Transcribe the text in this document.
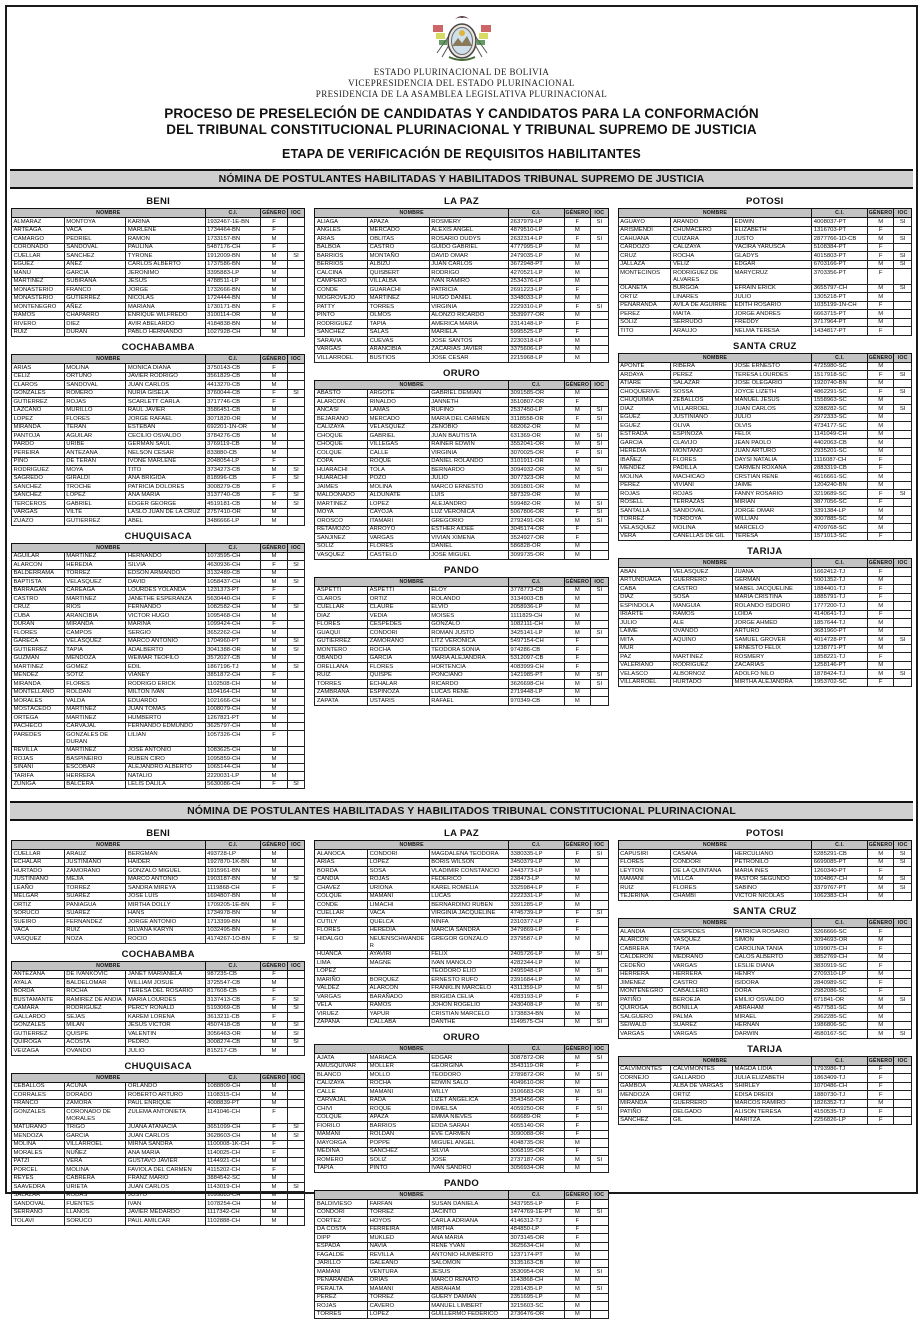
ESTADO PLURINACIONAL DE BOLIVIA
VICEPRESIDENCIA DEL ESTADO PLURINACIONAL
PRESIDENCIA DE LA ASAMBLEA LEGISLATIVA PLURINACIONAL
PROCESO DE PRESELECIÓN DE CANDIDATAS Y CANDIDATOS PARA LA CONFORMACIÓN
DEL TRIBUNAL CONSTITUCIONAL PLURINACIONAL Y TRIBUNAL SUPREMO DE JUSTICIA
ETAPA DE VERIFICACIÓN DE REQUISITOS HABILITANTES
NÓMINA DE POSTULANTES HABILITADAS Y HABILITADOS TRIBUNAL SUPREMO DE JUSTICIA
BENI
NOMBRE			C.I.	GÉNERO	IOC
ALMARAZ	MONTOYA	KARINA	1932467-1E-BN	F	
ARTEAGA	VACA	MARLENE	1734464-BN	F	
CAMARGO	PEDRIEL	RAMON	1733157-BN	M	
CORONADO	SANDOVAL	PAULINA	5487176-CH	F	
CUELLAR	SANCHEZ	TYRONE	1912009-BN	M	SI
EGUEZ	AÑEZ	CARLOS ALBERTO	1737586-BN	M	
MANU	GARCIA	JERONIMO	3395883-LP	M	
MARTINEZ	SUBIRANA	JESUS	4788511-LP	M	
MONASTERIO	FRANCO	JORGE	1732666-BN	M	
MONASTERIO	GUTIERREZ	NICOLAS	1724444-BN	M	
MONTENEGRO	AÑEZ	MARIANA	1730171-BN	F	
RAMOS	CHAPARRO	ENRIQUE WILFREDO	3100114-OR	M	
RIVERO	DIEZ	AVIR ABELARDO	4184838-BN	M	
RUIZ	DURAN	PABLO HERNANDO	1027928-CH	M	
COCHABAMBA
NOMBRE			C.I.	GÉNERO	IOC
ARIAS	MOLINA	MONICA DIANA	3750143-CB	F	
CELIZ	ORTUÑO	JAVIER RODRIGO	3561829-CB	M	
CLAROS	SANDOVAL	JUAN CARLOS	4413270-CB	M	
GONZALES	ROMERO	NURIA GISELA	3760044-CB	F	SI
GUTIERREZ	ROJAS	SCARLETT CARLA	3717746-CB	F	
LAZCANO	MURILLO	RAUL JAVIER	3586451-CB	M	
LOPEZ	FLORES	JORGE RAFAEL	3071820-OR	M	
MIRANDA	TERAN	ESTEBAN	692201-1N-OR	M	
PANTOJA	AGUILAR	CECILIO OSVALDO	3784276-CB	M	
PARDO	URIBE	GERMAN SAUL	3769119-CB	M	
PEREIRA	ANTEZANA	NELSON CESAR	833880-CB	M	
PINO	DE TERAN	IVONE MARLENE	2048054-LP	F	
RODRIGUEZ	MOYA	TITO	3734273-CB	M	SI
SAGREDO	GIRALDI	ANA BRIGIDA	818996-CB	F	SI
SANCHEZ	TROCHE	PATRICIA DOLORES	3008279-CB	F	
SANCHEZ	LOPEZ	ANA MARIA	3137740-CB	F	SI
TERCEROS	GABRIEL	EDGER GEORGE	4519181-CB	M	SI
VARGAS	VILTE	LASLO JUAN DE LA CRUZ	2757410-OR	M	
ZUAZO	GUTIERREZ	ABEL	3486666-LP	M	
CHUQUISACA
NOMBRE			C.I.	GÉNERO	IOC
AGUILAR	MARTINEZ	HERNANDO	1073595-CH	M	
ALARCON	HEREDIA	SILVIA	4630936-CH	F	SI
BALDERRAMA	TORREZ	EDSON ARMANDO	3132489-CB	M	
BAPTISTA	VELASQUEZ	DAVID	1058437-CH	M	SI
BARRAGAN	CAREAGA	LOURDES YOLANDA	1231373-PT	F	
CASTRO	MARTINEZ	JANETHE ESPERANZA	5630440-CH	F	
CRUZ	RIOS	FERNANDO	1082582-CH	M	SI
CUBA	ARANCIBIA	VICTOR HUGO	1095468-CH	M	
DURAN	MIRANDA	MARINA	1099424-CH	F	
FLORES	CAMPOS	SERGIO	3652262-CH	M	
GARECA	VELASQUEZ	MARCO ANTONIO	1704960-PT	M	SI
GUTIERREZ	TAPIA	ADALBERTO	3041388-OR	M	SI
GUZMAN	MENDOZA	WEIMAR TEOFILO	3572027-CB	M	
MARTINEZ	GOMEZ	EDIL	1867196-TJ	M	SI
MENDEZ	SOTIZ	VIANEY	3851872-CH	F	
MIRANDA	FLORES	RODRIGO ERICK	1102508-CH	M	
MONTELLANO	ROLDAN	MILTON IVAN	1104164-CH	M	
MORALES	VALDA	EDUARDO	1021666-CH	M	
MOSTACEDO	MARTINEZ	JUAN TOMAS	1008079-CH	M	
ORTEGA	MARTINEZ	HUMBERTO	1267821-PT	M	
PACHECO	CARVAJAL	FERNANDO EDMUNDO	3625797-CH	M	
PAREDES	GONZALES DE DURAN	LILIAN	1057326-CH	F	
REVILLA	MARTINEZ	JOSE ANTONIO	1083625-CH	M	
ROJAS	BASPINEIRO	RUBEN CIRO	1095859-CH	M	
SIÑANI	ESCOBAR	ALEJANDRO ALBERTO	1065144-CH	M	
TARIFA	HERRERA	NATALIO	2220031-LP	M	
ZUÑIGA	BALCERA	LELIS DALILA	5630086-CH	F	SI
LA PAZ
NOMBRE			C.I.	GÉNERO	IOC
ALIAGA	APAZA	ROSMERY	2637979-LP	F	SI
ANGLES	MERCADO	ALEXIS ANGEL	4879510-LP	M	
ARIAS	OBLITAS	ROSARIO DUDYS	2632314-LP	F	SI
BALBOA	CASTRO	GUIDO GABRIEL	4777995-LP	M	
BARRIOS	MONTAÑO	DAVID OMAR	2479035-LP	M	
BERRIOS	ALBIZU	JUAN CARLOS	3672948-PT	M	
CALCINA	QUISBERT	RODRIGO	4270521-LP	M	
CAMPERO	VILLALBA	IVAN RAMIRO	2534376-LP	M	
CONDE	GUARACHI	PATRICIA	2691223-LP	F	
MOGROVEJO	MARTINEZ	HUGO DANIEL	3348033-LP	M	
PATTY	TORRES	VIRGINIA	2229310-LP	F	SI
PINTO	OLMOS	ALONZO RICARDO	3539977-OR	M	
RODRIGUEZ	TAPIA	AMERICA MARIA	2314148-LP	F	
SANCHEZ	SALAS	MARIELA	5995525-LP	F	
SARAVIA	CUEVAS	JOSE SANTOS	2230318-LP	M	
VARGAS	ARANCIBIA	ZACARIAS JAVIER	3375606-LP	M	
VILLARROEL	BUSTIOS	JOSE CESAR	2215968-LP	M	
ORURO
NOMBRE			C.I.	GÉNERO	IOC
ABASTO	ARGOTE	GABRIEL DEMIAN	3091585-OR	M	
ALARCON	RINALDO	JANNETH	3510807-OR	F	
ANCASI	LAMAS	RUFINO	2537450-LP	M	SI
BEJARANO	MERCADO	MARIA DEL CARMEN	3118558-OR	F	SI
CALIZAYA	VELASQUEZ	ZENOBIO	682062-OR	M	
CHOQUE	GABRIEL	JUAN BAUTISTA	631369-OR	M	SI
CHOQUE	VILLEGAS	RAINER EDWIN	3552041-OR	M	SI
COLQUE	CALLE	VIRGINIA	3070025-OR	F	SI
COPA	ROQUE	DANIEL ROLANDO	3101911-OR	M	
HUARACHI	TOLA	BERNARDO	3094932-OR	M	SI
HUARACHI	POZO	JULIO	3077323-OR	M	
JAIMES	MOLINA	MARCO ERNESTO	3091801-OR	M	
MALDONADO	ALDUNATE	LUIS	587329-OR	M	
MARTINEZ	LOPEZ	ALEJANDRO	599482-OR	M	SI
MOYA	CAYOJA	LUZ VERONICA	5067806-OR	F	SI
OROSCO	ITAMARI	GREGORIO	2792491-OR	M	SI
RETAMOZO	ARROYO	ESTHER AIDEE	3045174-OR	F	
SANJINEZ	VARGAS	VIVIAN XIMENA	3524927-OR	F	
SOLIZ	FLORES	DANIEL	586828-OR	M	
VASQUEZ	CASTELO	JOSE MIGUEL	3099735-OR	M	
PANDO
NOMBRE			C.I.	GÉNERO	IOC
ASPETTI	ASPETTI	ELOY	3778773-CB	M	SI
CLAROS	ORTIZ	ROLANDO	3134903-CB	M	
CUELLAR	CLAURE	ELVIO	2058936-LP	M	
DIAZ	VEDIA	MOISES	1111829-CH	M	
FLORES	CESPEDES	GONZALO	1082111-CH	M	
GUAQUI	CONDORI	ROMAN JUSTO	3425141-LP	M	SI
GUTIERREZ	ZAMORANO	LITZ VERONICA	5497154-CH	F	
MONTERO	ROCHA	TEODORA SONIA	974286-CB	F	
OBANDO	GARCIA	MARIA ALEJANDRA	5312097-CB	F	
ORELLANA	FLORES	HORTENCIA	4083999-CH	F	
RUIZ	QUISPE	PONCIANO	1421985-PT	M	SI
TORRES	ECHALAR	RICARDO	3626698-CH	M	SI
ZAMBRANA	ESPINOZA	LUCAS RENE	2719448-LP	M	
ZAPATA	USTARIS	RAFAEL	970349-CB	M	
POTOSI
NOMBRE			C.I.	GÉNERO	IOC
AGUAYO	ARANDO	EDWIN	4008037-PT	M	SI
ARISMENDI	CHUMACERO	ELIZABETH	1316703-PT	F	
CAHUANA	CUIZARA	JUSTO	2877766-1D-CB	M	SI
CARDOZO	CALIZAYA	YACIRA YARUSCA	5108384-PT	F	
CRUZ	ROCHA	GLADYS	4015803-PT	F	SI
JALLAZA	VELIZ	EDGAR	6703166-PT	M	SI
MONTECINOS	RODRIGUEZ DE ALVARES	MARYCRUZ	3703356-PT	F	
OLAÑETA	BURGOA	EFRAIN ERICK	3655797-CH	M	SI
ORTIZ	LINARES	JULIO	1305218-PT	M	
PEÑARANDA	AVILA DE AGUIRRE	EDITH ROSARIO	1035199-1N-CH	F	
PEREZ	MAITA	JORGE ANDRES	6663715-PT	M	
SOLIZ	SERRUDO	FREDDY	3717964-PT	M	
TITO	ARAUJO	NELMA TERESA	1434817-PT	F	
SANTA CRUZ
NOMBRE			C.I.	GÉNERO	IOC
APONTE	RIBERA	JOSE ERNESTO	4725980-SC	M	
ARDAYA	PEREZ	TERESA LOURDES	1517918-SC	F	SI
ATIARE	SALAZAR	JOSE OLEGARIO	1920740-BN	M	
CHOQUERIVE	SOSSA	JOYCE LIZETH	4862291-SC	F	SI
CHUQUIMIA	ZEBALLOS	MANUEL JESUS	1558963-SC	M	
DIAZ	VILLARROEL	JUAN CARLOS	3288282-SC	M	SI
EGUEZ	JUSTINIANO	JULIO	2972333-SC	M	
EGUEZ	OLIVA	OLVIS	4734177-SC	M	
ESTRADA	ESPINOZA	FELIX	1141049-CH	M	
GARCIA	CLAVIJO	JEAN PAOLO	4402063-CB	M	
HEREDIA	MONTAÑO	JUAN ARTURO	2935201-SC	M	
IBAÑEZ	FLORES	DAYSI NATALIA	1116087-CH	F	
MENDEZ	PADILLA	CARMEN ROXANA	2883319-CB	F	
MOLINA	MACHICAO	CRSTIAN RENE	4616661-SC	M	
PEREZ	VIVIANI	JAIME	1204240-BN	M	
ROJAS	ROJAS	FANNY ROSARIO	3219689-SC	F	SI
ROSELL	TERRAZAS	MIRIAN	3877056-SC	F	
SANTALLA	SANDOVAL	JORGE OMAR	3391384-LP	M	
TORREZ	TORDOYA	WILLIAN	3007885-SC	M	
VELASQUEZ	MOLINA	MARCELO	4709768-SC	M	
VERA	CAÑELLAS DE GIL	TERESA	1571013-SC	F	
TARIJA
NOMBRE			C.I.	GÉNERO	IOC
ABAN	VELASQUEZ	JUANA	1662412-TJ	F	
ARTUNDUAGA	GUERRERO	GERMAN	5001352-TJ	M	
CABA	CASTRO	MABEL JACQUELINE	1884401-TJ	F	
DIAZ	SOSA	MARIA CRISTINA	1885791-TJ	F	
ESPINDOLA	MANGUIA	ROLANDO ISIDORO	1777200-TJ	M	
IRIARTE	RAMOS	LOIDA	4140641-TJ	F	
JULIO	ALE	JORGE AHMED	1857644-TJ	M	
LAIME	OVANDO	ARTURO	3681960-PT	M	
MITA	AQUINO	SAMUEL GROVER	4014728-PT	M	SI
MUR		ERNESTO FELIX	1238771-PT	M	
PAZ	MARTINEZ	ROSMERY	1858221-TJ	F	
VALERIANO	RODRIGUEZ	ZACARIAS	1258146-PT	M	
VELASCO	ALBORNOZ	ADOLFO NILO	1878424-TJ	M	SI
VILLARROEL	HURTADO	MIRTHA ALEJANDRA	1953702-SC	F	
NÓMINA DE POSTULANTES HABILITADAS Y HABILITADOS TRIBUNAL CONSTITUCIONAL PLURINACIONAL
BENI
NOMBRE			C.I.	GÉNERO	IOC
CUELLAR	ARAUZ	BERGMAN	493728-LP	M	
ECHALAR	JUSTINIANO	HAIDER	1927870-1K-BN	M	
HURTADO	ZAMORANO	GONZALO MIGUEL	1915961-BN	M	
JUSTINIANO	MEJIA	MARCO ANTONIO	1903187-BN	M	SI
LEAÑO	TORREZ	SANDRA MIREYA	1119868-CH	F	
MELGAR	SUAREZ	JOSE LUIS	1694807-BN	M	
ORTIZ	PANIAGUA	MIRTHA DOLLY	1709205-1E-BN	F	
SORUCO	SUAREZ	HANS	1734978-BN	M	
SUEIRO	FERNANDEZ	JORGE ANTONIO	1713399-BN	M	
VACA	RUIZ	SILVANA KARYN	1032495-BN	F	
VASQUEZ	NOZA	ROCIO	4174267-1O-BN	F	SI
COCHABAMBA
NOMBRE			C.I.	GÉNERO	IOC
ANTEZANA	DE IVANKOVIC	JANET MARIANELA	987235-CB	F	
AYALA	BALDELOMAR	WILLIAM JOSUE	3725547-CB	M	
BORDA	ROCHA	TERESA DEL ROSARIO	817608-CB	F	
BUSTAMANTE	RAMIREZ DE ANDIA	MARIA LOURDES	3137413-CB	F	SI
CAMARA	RODRIGUEZ	PERCY RONALD	5193069-CB	M	SI
GALLARDO	SEJAS	KAREM LORENA	3613211-CB	F	
GONZALES	MILAN	JESUS VICTOR	4507418-CB	M	SI
GUTIERREZ	QUISPE	VALENTIN	3056463-OR	M	SI
QUIROGA	ACOSTA	PEDRO	3008274-CB	M	SI
VEIZAGA	OVANDO	JULIO	815217-CB	M	
CHUQUISACA
NOMBRE			C.I.	GÉNERO	IOC
CEBALLOS	ACUÑA	ORLANDO	1088809-CH	M	
CORRALES	DORADO	ROBERTO ARTURO	1108315-CH	M	
FRANCO	ZAMORA	PAUL ENRIQUE	4008839-PT	M	
GONZALES	CORONADO DE MORALES	ZULEMA ANTONIETA	1141046-CH	F	
MATURANO	TRIGO	JUANA ATANACIA	3651099-CH	F	SI
MENDOZA	GARCIA	JUAN CARLOS	3628603-CH	M	SI
MOLINA	VILLARROEL	MIRNA SANDRA	1100008-1K-CH	F	
MORALES	NUÑEZ	ANA MARIA	1140025-CH	F	
PATZI	VERA	GUSTAVO JAVIER	1144921-CH	M	
PORCEL	MOLINA	FAVIOLA DEL CARMEN	4115202-CH	F	
REYES	CABRERA	FRANZ MARIO	3884542-SC	M	
SAAVEDRA	URIETA	JUAN CARLOS	1143019-CH	M	SI
SALAZAR	RODAS	JUSTO	1099883-CH	M	
SANDOVAL	FUENTES	IVAN	1078254-CH	M	
SERRANO	LLANOS	JAVIER MEDARDO	1117342-CH	M	
TOLAVI	SORUCO	PAUL AMILCAR	1102888-CH	M	
LA PAZ
NOMBRE			C.I.	GÉNERO	IOC
ALANOCA	CONDORI	MAGDALENA TEODORA	3380335-LP	F	SI
ARIAS	LOPEZ	BORIS WILSON	3450379-LP	M	
BORDA	SOSA	VLADIMIR CONSTANCIO	2443773-LP	M	
CANDIA	ROJAS	FEDERICO	238473-LP	M	
CHAVEZ	URIONA	KAREL ROMELIA	3325984-LP	F	
COLQUE	MAMANI	LUCAS	2222331-LP	M	
CONDE	LIMACHI	BERNARDINO RUBEN	3391285-LP	M	
CUELLAR	VACA	VIRGINIA JACQUELINE	4745739-LP	F	SI
CUTILY	QUELCA	NINFA	2310377-LP	F	
FLORES	HEREDIA	MARCIA SANDRA	3479869-LP	F	
HIDALGO	NEUENSCHWANDER	GREGOR GONZALO	2379587-LP	M	
HUANCA	AYAVIRI	FELIX	2405726-LP	M	SI
LIMA	MAGNE	IVAN MANOLO	4282344-LP	M	
LOPEZ		TEODORO ELIO	2495948-LP	M	SI
MARIÑO	BORQUEZ	ERNESTO RUFO	2391684-LP	M	
VALDEZ	ALARCON	FRANKLIN MARCELO	4311359-LP	M	SI
VARGAS	BARAÑADO	BRIGIDA CELIA	4283193-LP	F	
VELA	RAMOS	JOHON ROGELIO	2430408-LP	M	SI
VIRUEZ	YAPUR	CRISTIAN MARCELO	1738834-BN	M	
ZAPANA	CALLABA	DANTHE	1149575-CH	M	SI
ORURO
NOMBRE			C.I.	GÉNERO	IOC
AJATA	MARIACA	EDGAR	3087872-OR	M	SI
AMUSQUIVAR	MOLLER	GEORGINA	3543119-OR	F	
BLANCO	MOLLO	TEODORO	2789872-OR	M	SI
CALIZAYA	ROCHA	EDWIN SALO	4049610-OR	M	
CALLE	MAMANI	WILLY	3106683-OR	M	SI
CARVAJAL	RADA	LIZET ANGELICA	3543456-OR	F	
CHIVI	ROQUE	DIMELSA	4059250-OR	F	SI
COLQUE	APAZA	EMMA NIEVES	666689-OR	F	
FIORILO	BARRIOS	EDDA SARAH	4055140-OR	F	
MAMANI	ROLDAN	EVE CARMEN	3090088-OR	F	
MAYORGA	POPPE	MIGUEL ANGEL	4048735-OR	M	
MEDINA	SANCHEZ	SILVIA	3068195-OR	F	
ROMERO	SOLIZ	JOSE	2737187-OR	M	SI
TAPIA	PINTO	IVAN SANDRO	3056934-OR	M	
PANDO
NOMBRE			C.I.	GÉNERO	IOC
BALDIVIESO	FARFAN	SUSAN DANIELA	3437955-LP	F	
CONDORI	TORREZ	JACINTO	1474769-1E-PT	M	SI
CORTEZ	HOYOS	CARLA ADRIANA	4146312-TJ	F	
DA COSTA	FERREIRA	MIRTHA	484850-LP	F	
DIPP	MUKLED	ANA MARIA	3073145-OR	F	
ESPADA	NAVIA	RENE YVAN	3625634-CH	M	
FAGALDE	REVILLA	ANTONIO HUMBERTO	1237174-PT	M	
JARILLO	GALEANO	SALOMON	3135163-CB	M	
MAMANI	VENTURA	JESUS	3530954-OR	M	SI
PEÑARANDA	ORIAS	MARCO RENATO	1143868-CH	M	
PERALTA	MAMANI	ABRAHAM	2281435-LP	M	SI
PEREZ	TORREZ	GUERY DAMIAN	2351695-LP	M	
ROJAS	CAVERO	MANUEL LIMBERT	3215603-SC	M	
TORRES	LOPEZ	GUILLERMO FEDERICO	2736476-OR	M	
POTOSI
NOMBRE			C.I.	GÉNERO	IOC
CAPUSIRI	CASANA	HERCULIANO	5285291-CB	M	SI
FLORES	CONDORI	PETRONILO	6699085-PT	M	SI
LEYTON	DE LA QUINTANA	MARIA INES	1260340-PT	F	
MAMANI	VILLCA	PASTOR SEGUNDO	1004867-CH	M	SI
RUIZ	FLORES	SABINO	3379767-PT	M	SI
TEJERINA	CHAMBI	VICTOR NICOLAS	1062383-CH	M	
SANTA CRUZ
NOMBRE			C.I.	GÉNERO	IOC
ALANDIA	CESPEDES	PATRICIA ROSARIO	3266666-SC	F	
ALARCON	VASQUEZ	SIMON	3094693-OR	M	
CABRERA	TAPIA	CAROLINA TANIA	1099075-CH	F	
CALDERON	MEDRANO	CALOS ALBERTO	3852769-CH	M	
CEDEÑO	VARGAS	LESLIE DIANA	3830919-SC	F	
HERRERA	HERRERA	HENRY	2709310-LP	M	
JIMENEZ	CASTRO	ISIDORA	2840989-SC	F	
MONTENEGRO	CABALLERO	DORA	2982086-SC	F	
PATIÑO	BEROEJA	EMILIO OSVALDO	671841-OR	M	SI
QUIROGA	BONILLA	ABRAHAM	4577581-SC	M	
SALGUERO	PALMA	MIRAEL	2962285-SC	M	
SEIWALD	SUAREZ	HERNAN	1986806-SC	M	
VARGAS	VARGAS	DARWIN	4580167-SC	M	SI
TARIJA
NOMBRE			C.I.	GÉNERO	IOC
CALVIMONTES	CALVIMONTES	MAGDA LIDIA	1793986-TJ	F	
CORNEJO	GALLARDO	JULIA ELIZABETH	1863409-TJ	F	
GAMBOA	ALBA DE VARGAS	SHIRLEY	1070486-CH	F	
MENDOZA	ORTIZ	EDISA DREIDI	1880730-TJ	F	
MIRANDA	GUERRERO	MARCOS RAMIRO	1826352-TJ	M	
PATIÑO	DELGADO	ALISON TERESA	4150535-TJ	F	
SANCHEZ	GIL	MARITZA	2256826-LP	F	
